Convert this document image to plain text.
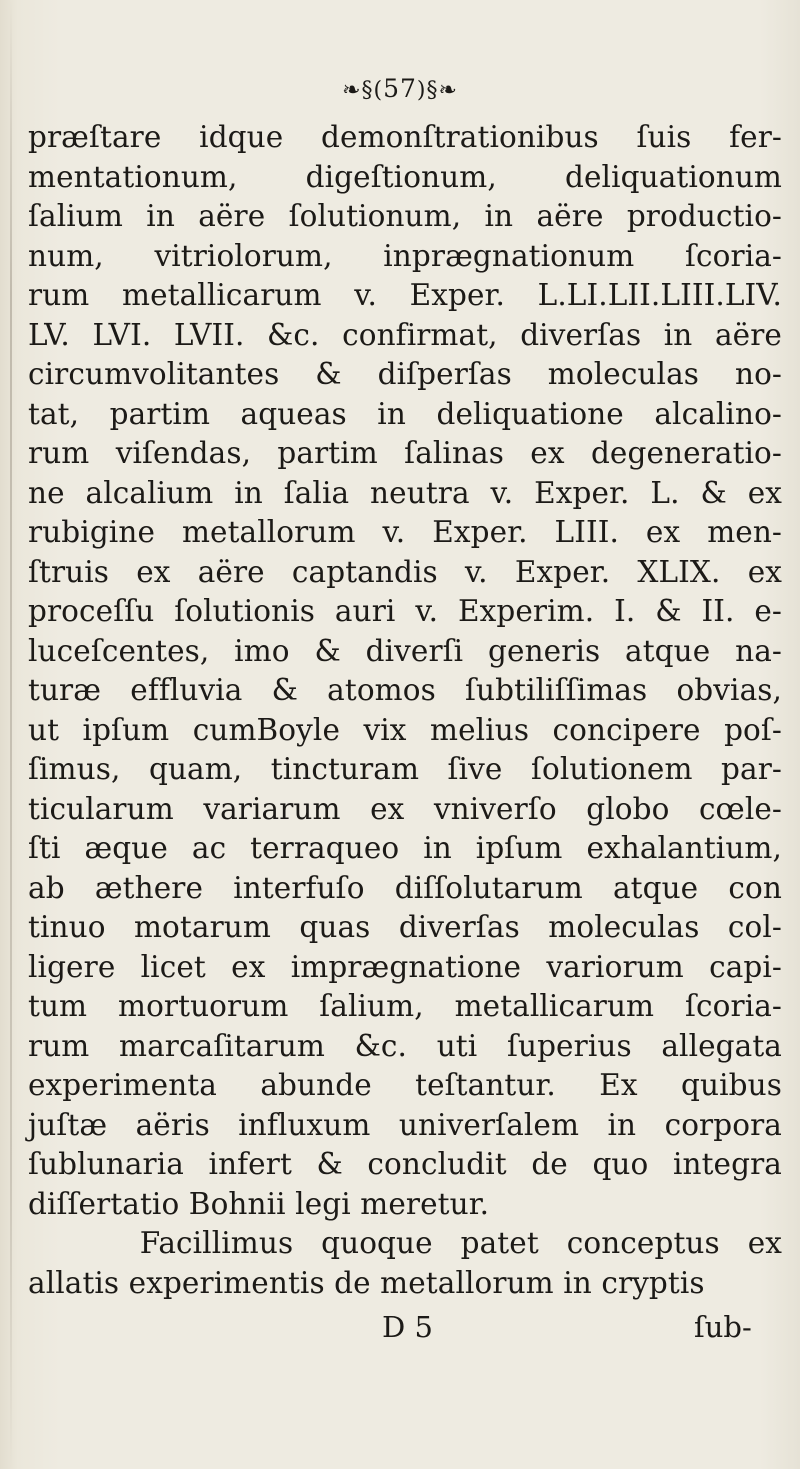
❧§(57)§❧
præſtare idque demonſtrationibus ſuis fer-
mentationum, digeſtionum, deliquationum
ſalium in aëre ſolutionum, in aëre productio-
num, vitriolorum, inprægnationum ſcoria-
rum metallicarum v. Exper. L.LI.LII.LIII.LIV.
LV. LVI. LVII. &c. confirmat, diverſas in aëre
circumvolitantes & diſperſas moleculas no-
tat, partim aqueas in deliquatione alcalino-
rum viſendas, partim ſalinas ex degeneratio-
ne alcalium in ſalia neutra v. Exper. L. & ex
rubigine metallorum v. Exper. LIII. ex men-
ſtruis ex aëre captandis v. Exper. XLIX. ex
proceſſu ſolutionis auri v. Experim. I. & II. e-
luceſcentes, imo & diverſi generis atque na-
turæ effluvia & atomos ſubtiliſſimas obvias,
ut ipſum cumBoyle vix melius concipere poſ-
ſimus, quam, tincturam ſive ſolutionem par-
ticularum variarum ex vniverſo globo cœle-
ſti æque ac terraqueo in ipſum exhalantium,
ab æthere interfuſo diſſolutarum atque con
tinuo motarum quas diverſas moleculas col-
ligere licet ex imprægnatione variorum capi-
tum mortuorum ſalium, metallicarum ſcoria-
rum marcaſitarum &c. uti ſuperius allegata
experimenta abunde teſtantur. Ex quibus
juſtæ aëris influxum univerſalem in corpora
ſublunaria infert & concludit de quo integra
diſſertatio Bohnii legi meretur.
Facillimus quoque patet conceptus ex
allatis experimentis de metallorum in cryptis
D 5	ſub-
